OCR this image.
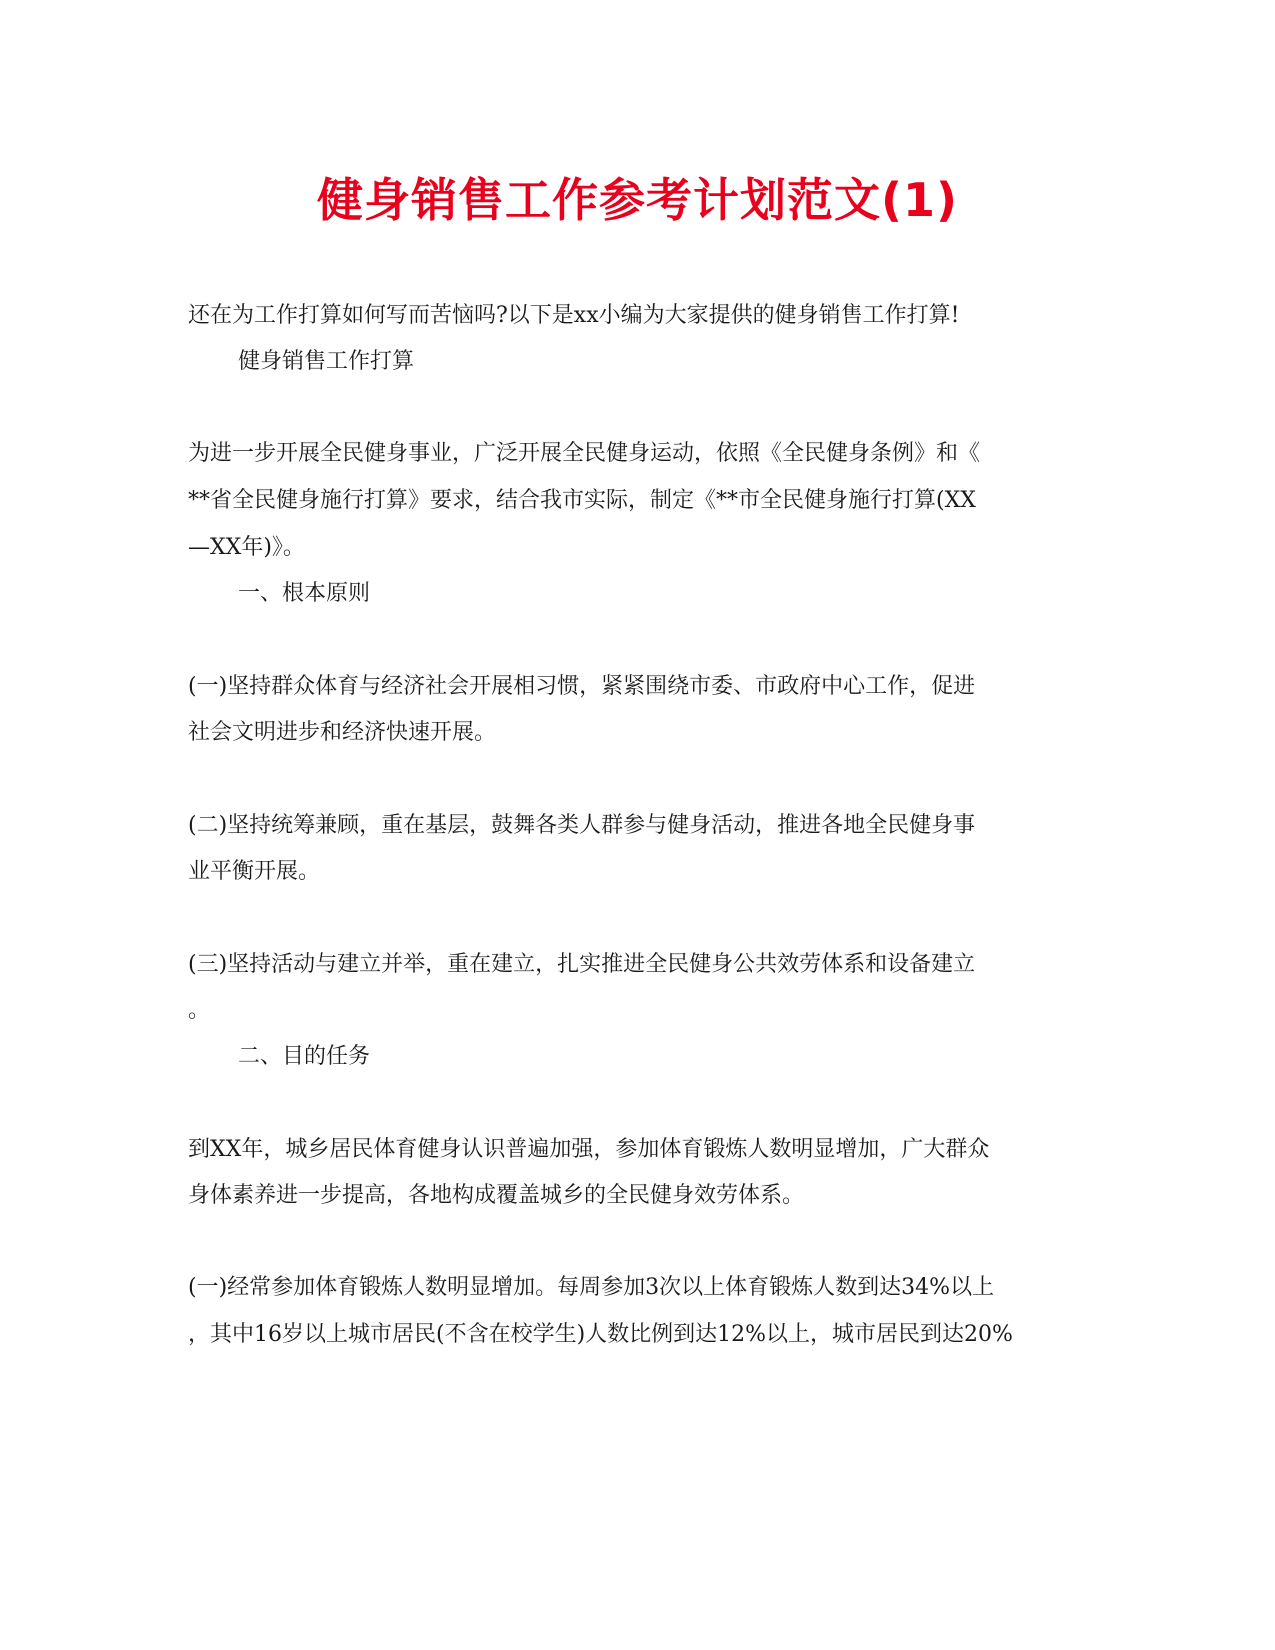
健身销售工作参考计划范文(1)
还在为工作打算如何写而苦恼吗?以下是xx小编为大家提供的健身销售工作打算!
健身销售工作打算
为进一步开展全民健身事业，广泛开展全民健身运动，依照《全民健身条例》和《
**省全民健身施行打算》要求，结合我市实际，制定《**市全民健身施行打算(XX
—XX年)》。
一、根本原则
(一)坚持群众体育与经济社会开展相习惯，紧紧围绕市委、市政府中心工作，促进
社会文明进步和经济快速开展。
(二)坚持统筹兼顾，重在基层，鼓舞各类人群参与健身活动，推进各地全民健身事
业平衡开展。
(三)坚持活动与建立并举，重在建立，扎实推进全民健身公共效劳体系和设备建立
。
二、目的任务
到XX年，城乡居民体育健身认识普遍加强，参加体育锻炼人数明显增加，广大群众
身体素养进一步提高，各地构成覆盖城乡的全民健身效劳体系。
(一)经常参加体育锻炼人数明显增加。每周参加3次以上体育锻炼人数到达34%以上
，其中16岁以上城市居民(不含在校学生)人数比例到达12%以上，城市居民到达20%
